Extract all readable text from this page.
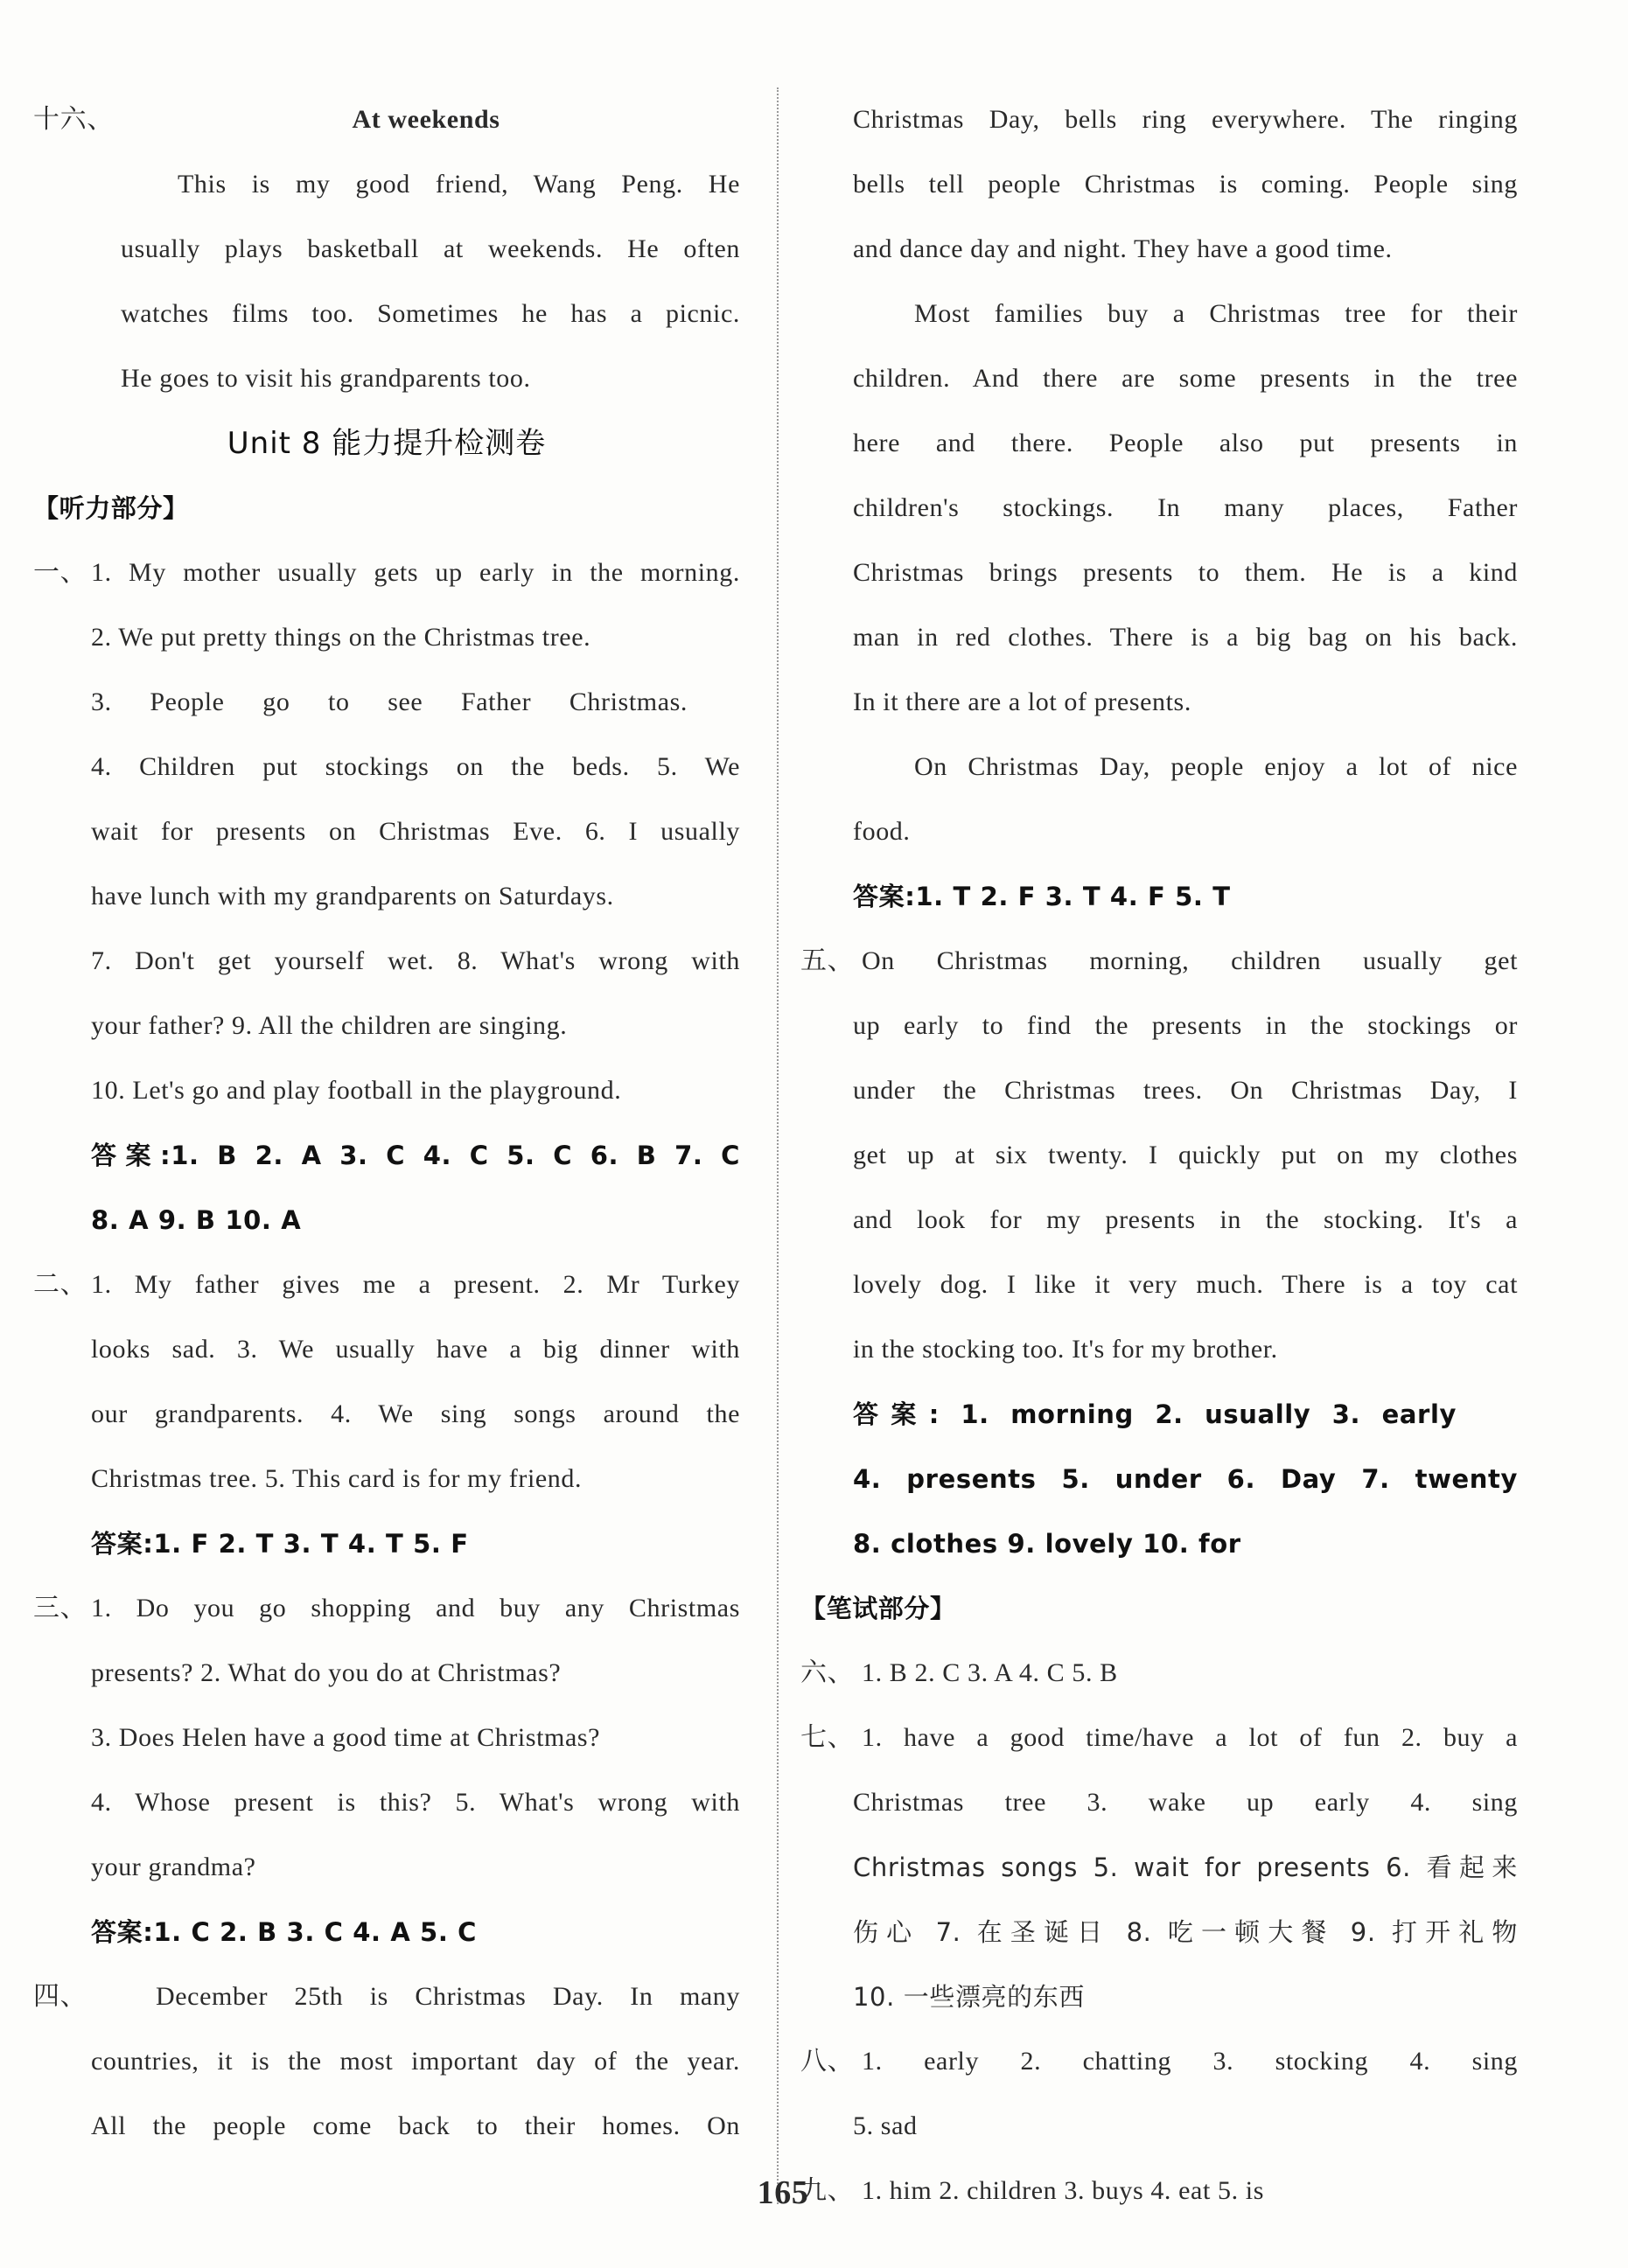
十六、	At weekends
This is my good friend, Wang Peng. He
usually plays basketball at weekends. He often
watches films too. Sometimes he has a picnic.
He goes to visit his grandparents too.
Unit 8 能力提升检测卷
【听力部分】
一、 1. My mother usually gets up early in the morning.
2. We put pretty things on the Christmas tree.
3. People go to see Father Christmas.
4. Children put stockings on the beds. 5. We
wait for presents on Christmas Eve. 6. I usually
have lunch with my grandparents on Saturdays.
7. Don't get yourself wet. 8. What's wrong with
your father? 9. All the children are singing.
10. Let's go and play football in the playground.
答案:1. B 2. A 3. C 4. C 5. C 6. B 7. C
8. A 9. B 10. A
二、 1. My father gives me a present. 2. Mr Turkey
looks sad. 3. We usually have a big dinner with
our grandparents. 4. We sing songs around the
Christmas tree. 5. This card is for my friend.
答案:1. F 2. T 3. T 4. T 5. F
三、 1. Do you go shopping and buy any Christmas
presents? 2. What do you do at Christmas?
3. Does Helen have a good time at Christmas?
4. Whose present is this? 5. What's wrong with
your grandma?
答案:1. C 2. B 3. C 4. A 5. C
四、	December 25th is Christmas Day. In many
countries, it is the most important day of the year.
All the people come back to their homes. On
Christmas Day, bells ring everywhere. The ringing
bells tell people Christmas is coming. People sing
and dance day and night. They have a good time.
Most families buy a Christmas tree for their
children. And there are some presents in the tree
here and there. People also put presents in
children's stockings. In many places, Father
Christmas brings presents to them. He is a kind
man in red clothes. There is a big bag on his back.
In it there are a lot of presents.
On Christmas Day, people enjoy a lot of nice
food.
答案:1. T 2. F 3. T 4. F 5. T
五、 On Christmas morning, children usually get
up early to find the presents in the stockings or
under the Christmas trees. On Christmas Day, I
get up at six twenty. I quickly put on my clothes
and look for my presents in the stocking. It's a
lovely dog. I like it very much. There is a toy cat
in the stocking too. It's for my brother.
答案: 1. morning 2. usually 3. early
4. presents 5. under 6. Day 7. twenty
8. clothes 9. lovely 10. for
【笔试部分】
六、 1. B 2. C 3. A 4. C 5. B
七、 1. have a good time/have a lot of fun 2. buy a
Christmas tree 3. wake up early 4. sing
Christmas songs 5. wait for presents 6. 看起来
伤心 7. 在圣诞日 8. 吃一顿大餐 9. 打开礼物
10. 一些漂亮的东西
八、 1. early 2. chatting 3. stocking 4. sing
5. sad
九、 1. him 2. children 3. buys 4. eat 5. is
165
